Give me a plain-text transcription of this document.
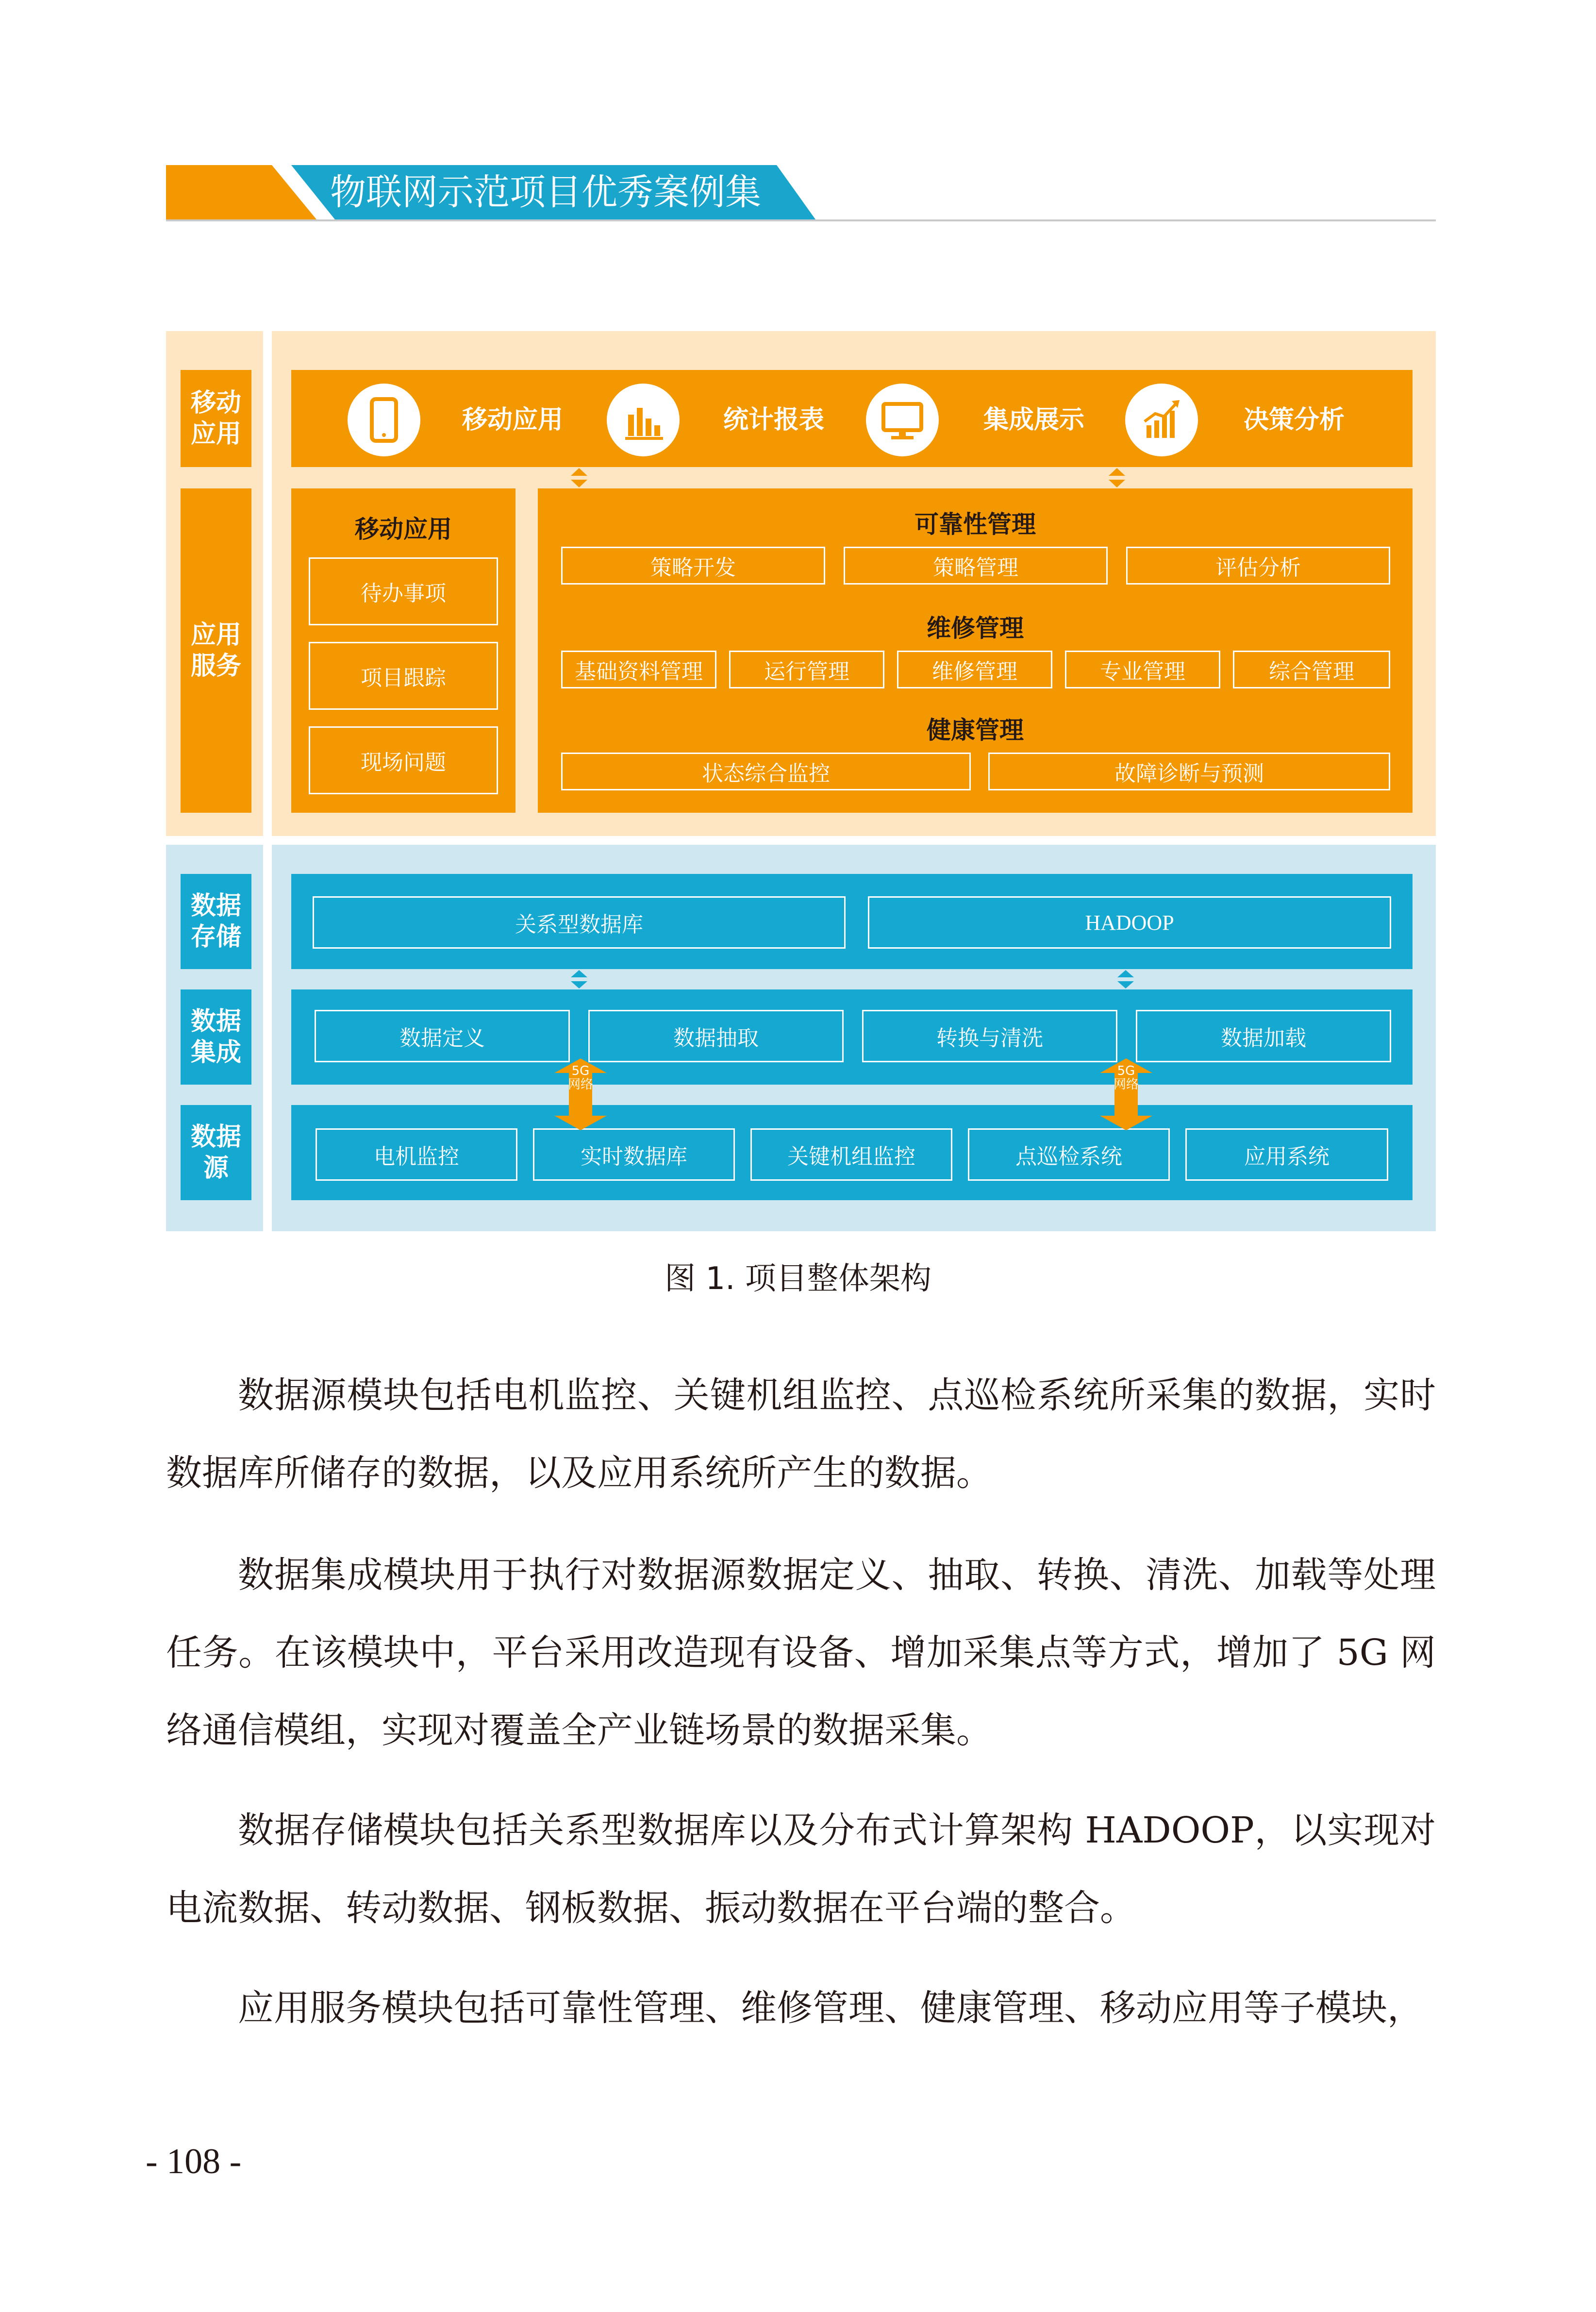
物联网示范项目优秀案例集
移动
应用
应用
服务
移动应用	统计报表	集成展示	决策分析
移动应用
待办事项
项目跟踪
现场问题
可靠性管理
策略开发	策略管理	评估分析
维修管理
基础资料管理	运行管理	维修管理	专业管理	综合管理
健康管理
状态综合监控	故障诊断与预测
数据
存储
数据
集成
数据
源
关系型数据库	HADOOP
数据定义	数据抽取	转换与清洗	数据加载
电机监控	实时数据库	关键机组监控	点巡检系统	应用系统
5G
网络
5G
网络
图 1. 项目整体架构
数据源模块包括电机监控、关键机组监控、点巡检系统所采集的数据，实时数据库所储存的数据，以及应用系统所产生的数据。
数据集成模块用于执行对数据源数据定义、抽取、转换、清洗、加载等处理任务。在该模块中，平台采用改造现有设备、增加采集点等方式，增加了 5G 网络通信模组，实现对覆盖全产业链场景的数据采集。
数据存储模块包括关系型数据库以及分布式计算架构 HADOOP，以实现对电流数据、转动数据、钢板数据、振动数据在平台端的整合。
应用服务模块包括可靠性管理、维修管理、健康管理、移动应用等子模块，
- 108 -
